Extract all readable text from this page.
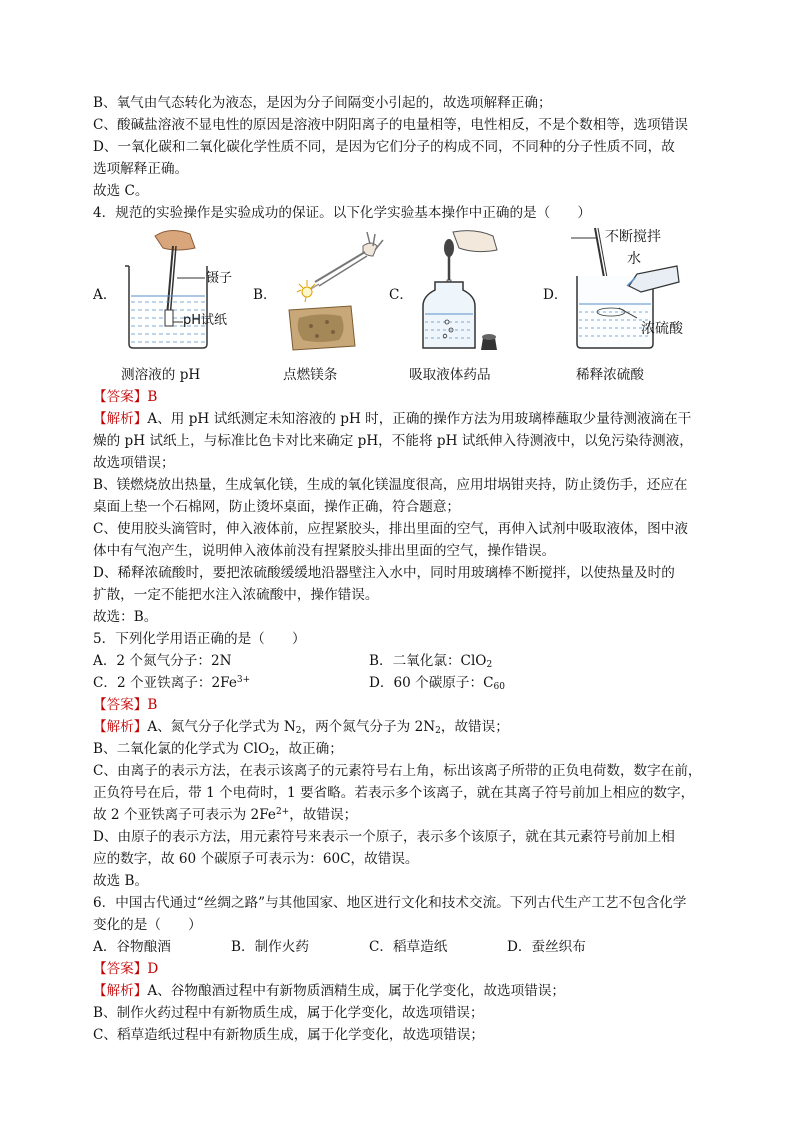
B、氧气由气态转化为液态，是因为分子间隔变小引起的，故选项解释正确；
C、酸碱盐溶液不显电性的原因是溶液中阴阳离子的电量相等，电性相反，不是个数相等，选项错误
D、一氧化碳和二氧化碳化学性质不同，是因为它们分子的构成不同，不同种的分子性质不同，故
选项解释正确。
故选 C。
4．规范的实验操作是实验成功的保证。以下化学实验基本操作中正确的是（　　）
A．
镊子
pH试纸
测溶液的 pH
B．
点燃镁条
C．
吸取液体药品
D．
不断搅拌
水
浓硫酸
稀释浓硫酸
【答案】B
【解析】A、用 pH 试纸测定未知溶液的 pH 时，正确的操作方法为用玻璃棒蘸取少量待测液滴在干
燥的 pH 试纸上，与标准比色卡对比来确定 pH，不能将 pH 试纸伸入待测液中，以免污染待测液，
故选项错误；
B、镁燃烧放出热量，生成氧化镁，生成的氧化镁温度很高，应用坩埚钳夹持，防止烫伤手，还应在
桌面上垫一个石棉网，防止烫坏桌面，操作正确，符合题意；
C、使用胶头滴管时，伸入液体前，应捏紧胶头，排出里面的空气，再伸入试剂中吸取液体，图中液
体中有气泡产生，说明伸入液体前没有捏紧胶头排出里面的空气，操作错误。
D、稀释浓硫酸时，要把浓硫酸缓缓地沿器壁注入水中，同时用玻璃棒不断搅拌，以使热量及时的
扩散，一定不能把水注入浓硫酸中，操作错误。
故选：B。
5．下列化学用语正确的是（　　）
A．2 个氮气分子：2N	B．二氧化氯：ClO$_2$
C．2 个亚铁离子：$2Fe^{3+}$	D．60 个碳原子：$C_{60}$
【答案】B
【解析】A、氮气分子化学式为 $N_2$，两个氮气分子为 $2N_2$，故错误；
B、二氧化氯的化学式为 ClO$_2$，故正确；
C、由离子的表示方法，在表示该离子的元素符号右上角，标出该离子所带的正负电荷数，数字在前，
正负符号在后，带 1 个电荷时，1 要省略。若表示多个该离子，就在其离子符号前加上相应的数字，
故 2 个亚铁离子可表示为 $2Fe^{2+}$，故错误；
D、由原子的表示方法，用元素符号来表示一个原子，表示多个该原子，就在其元素符号前加上相
应的数字，故 60 个碳原子可表示为：60C，故错误。
故选 B。
6．中国古代通过“丝绸之路”与其他国家、地区进行文化和技术交流。下列古代生产工艺不包含化学
变化的是（　　）
A．谷物酿酒	B．制作火药	C．稻草造纸	D．蚕丝织布
【答案】D
【解析】A、谷物酿酒过程中有新物质酒精生成，属于化学变化，故选项错误；
B、制作火药过程中有新物质生成，属于化学变化，故选项错误；
C、稻草造纸过程中有新物质生成，属于化学变化，故选项错误；
